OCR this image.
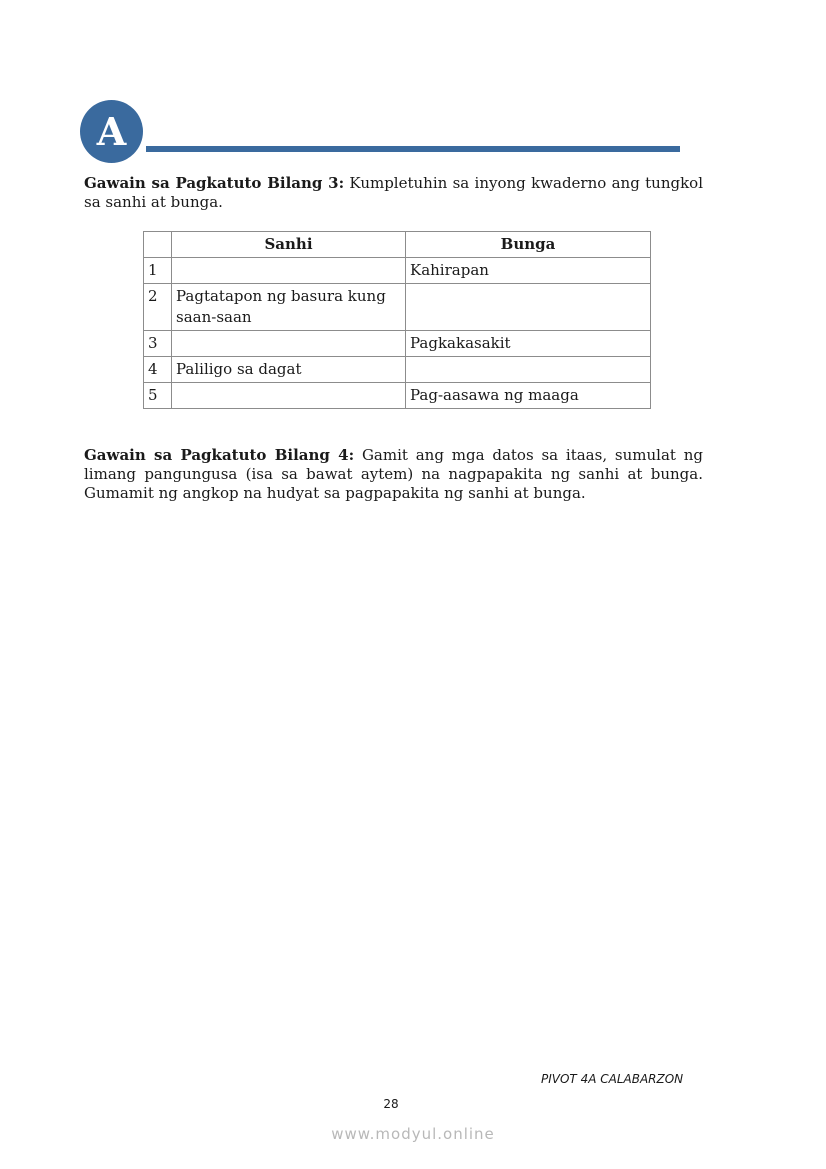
A

Gawain sa Pagkatuto Bilang 3: Kumpletuhin sa inyong kwaderno ang tungkol sa sanhi at bunga.

	Sanhi	Bunga
1		Kahirapan
2	Pagtatapon ng basura kung saan-saan	
3		Pagkakasakit
4	Paliligo sa dagat	
5		Pag-aasawa ng maaga

Gawain sa Pagkatuto Bilang 4: Gamit ang mga datos sa itaas, sumulat ng limang pangungusa (isa sa bawat aytem) na nagpapakita ng sanhi at bunga. Gumamit ng angkop na hudyat sa pagpapakita ng sanhi at bunga.

PIVOT 4A CALABARZON
28
www.modyul.online
